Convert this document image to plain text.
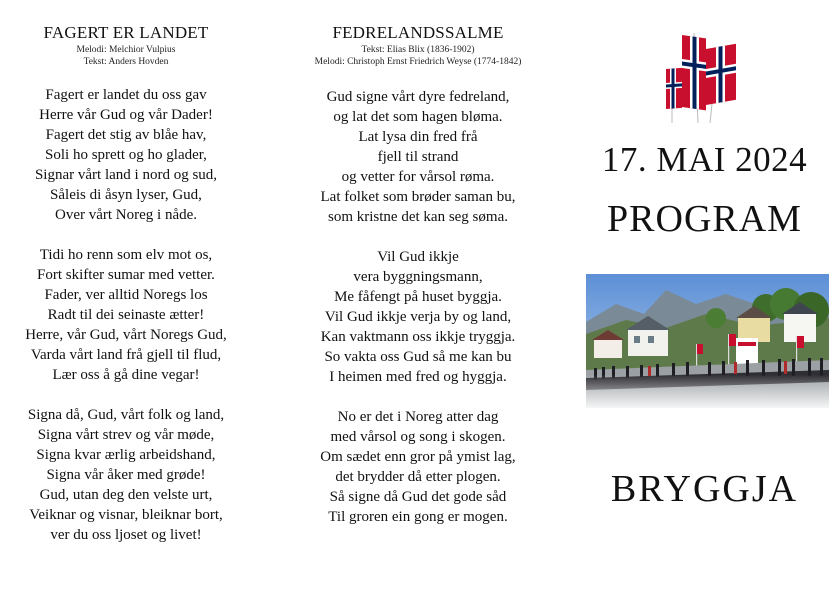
FAGERT ER LANDET
Melodi: Melchior Vulpius
Tekst: Anders Hovden
Fagert er landet du oss gav
Herre vår Gud og vår Dader!
Fagert det stig av blåe hav,
Soli ho sprett og ho glader,
Signar vårt land i nord og sud,
Såleis di åsyn lyser, Gud,
Over vårt Noreg i nåde.
Tidi ho renn som elv mot os,
Fort skifter sumar med vetter.
Fader, ver alltid Noregs los
Radt til dei seinaste ætter!
Herre, vår Gud, vårt Noregs Gud,
Varda vårt land frå gjell til flud,
Lær oss å gå dine vegar!
Signa då, Gud, vårt folk og land,
Signa vårt strev og vår møde,
Signa kvar ærlig arbeidshand,
Signa vår åker med grøde!
Gud, utan deg den velste urt,
Veiknar og visnar, bleiknar bort,
ver du oss ljoset og livet!
FEDRELANDSSALME
Tekst: Elias Blix (1836-1902)
Melodi: Christoph Ernst Friedrich Weyse (1774-1842)
Gud signe vårt dyre fedreland,
og lat det som hagen bløma.
Lat lysa din fred frå
fjell til strand
og vetter for vårsol røma.
Lat folket som brøder saman bu,
som kristne det kan seg søma.
Vil Gud ikkje
vera byggningsmann,
Me fåfengt på huset byggja.
Vil Gud ikkje verja by og land,
Kan vaktmann oss ikkje tryggja.
So vakta oss Gud så me kan bu
I heimen med fred og hyggja.
No er det i Noreg atter dag
med vårsol og song i skogen.
Om sædet enn gror på ymist lag,
det brydder då etter plogen.
Så signe då Gud det gode såd
Til groren ein gong er mogen.
17. MAI 2024
PROGRAM
BRYGGJA
